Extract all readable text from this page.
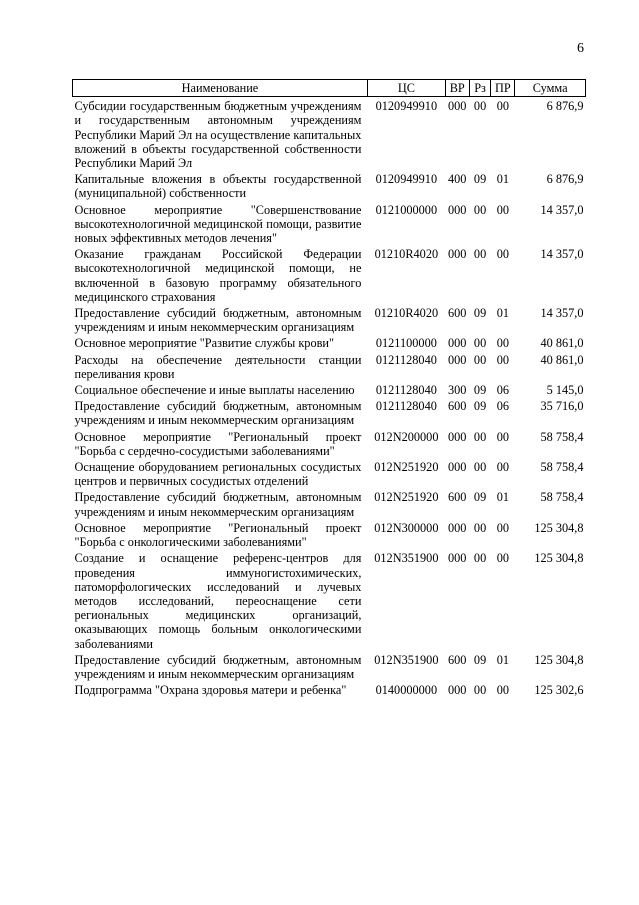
6
Наименование	ЦС	ВР	Рз	ПР	Сумма
Субсидии государственным бюджетным учреждениям и государственным автономным учреждениям Республики Марий Эл на осуществление капитальных вложений в объекты государственной собственности Республики Марий Эл	0120949910	000	00	00	6 876,9
Капитальные вложения в объекты государственной (муниципальной) собственности	0120949910	400	09	01	6 876,9
Основное мероприятие "Совершенствование высокотехнологичной медицинской помощи, развитие новых эффективных методов лечения"	0121000000	000	00	00	14 357,0
Оказание гражданам Российской Федерации высокотехнологичной медицинской помощи, не включенной в базовую программу обязательного медицинского страхования	01210R4020	000	00	00	14 357,0
Предоставление субсидий бюджетным, автономным учреждениям и иным некоммерческим организациям	01210R4020	600	09	01	14 357,0
Основное мероприятие "Развитие службы крови"	0121100000	000	00	00	40 861,0
Расходы на обеспечение деятельности станции переливания крови	0121128040	000	00	00	40 861,0
Социальное обеспечение и иные выплаты населению	0121128040	300	09	06	5 145,0
Предоставление субсидий бюджетным, автономным учреждениям и иным некоммерческим организациям	0121128040	600	09	06	35 716,0
Основное мероприятие "Региональный проект "Борьба с сердечно-сосудистыми заболеваниями"	012N200000	000	00	00	58 758,4
Оснащение оборудованием региональных сосудистых центров и первичных сосудистых отделений	012N251920	000	00	00	58 758,4
Предоставление субсидий бюджетным, автономным учреждениям и иным некоммерческим организациям	012N251920	600	09	01	58 758,4
Основное мероприятие "Региональный проект "Борьба с онкологическими заболеваниями"	012N300000	000	00	00	125 304,8
Создание и оснащение референс-центров для проведения иммуногистохимических, патоморфологических исследований и лучевых методов исследований, переоснащение сети региональных медицинских организаций, оказывающих помощь больным онкологическими заболеваниями	012N351900	000	00	00	125 304,8
Предоставление субсидий бюджетным, автономным учреждениям и иным некоммерческим организациям	012N351900	600	09	01	125 304,8
Подпрограмма "Охрана здоровья матери и ребенка"	0140000000	000	00	00	125 302,6
